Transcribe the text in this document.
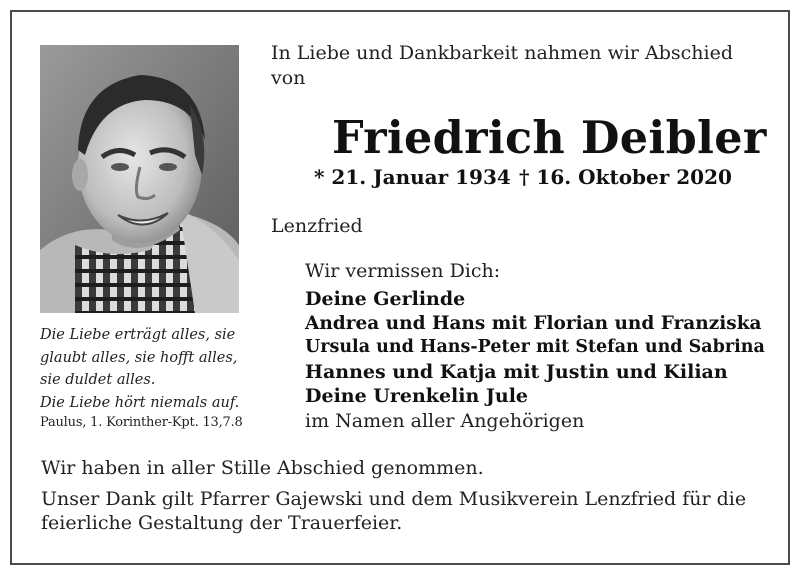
Die Liebe erträgt alles, sie
glaubt alles, sie hofft alles,
sie duldet alles.
Die Liebe hört niemals auf.
Paulus, 1. Korinther-Kpt. 13,7.8
In Liebe und Dankbarkeit nahmen wir Abschied
von
Friedrich Deibler
* 21. Januar 1934 † 16. Oktober 2020
Lenzfried
Wir vermissen Dich:
Deine Gerlinde
Andrea und Hans mit Florian und Franziska
Ursula und Hans-Peter mit Stefan und Sabrina
Hannes und Katja mit Justin und Kilian
Deine Urenkelin Jule
im Namen aller Angehörigen
Wir haben in aller Stille Abschied genommen.
Unser Dank gilt Pfarrer Gajewski und dem Musikverein Lenzfried für die
feierliche Gestaltung der Trauerfeier.
